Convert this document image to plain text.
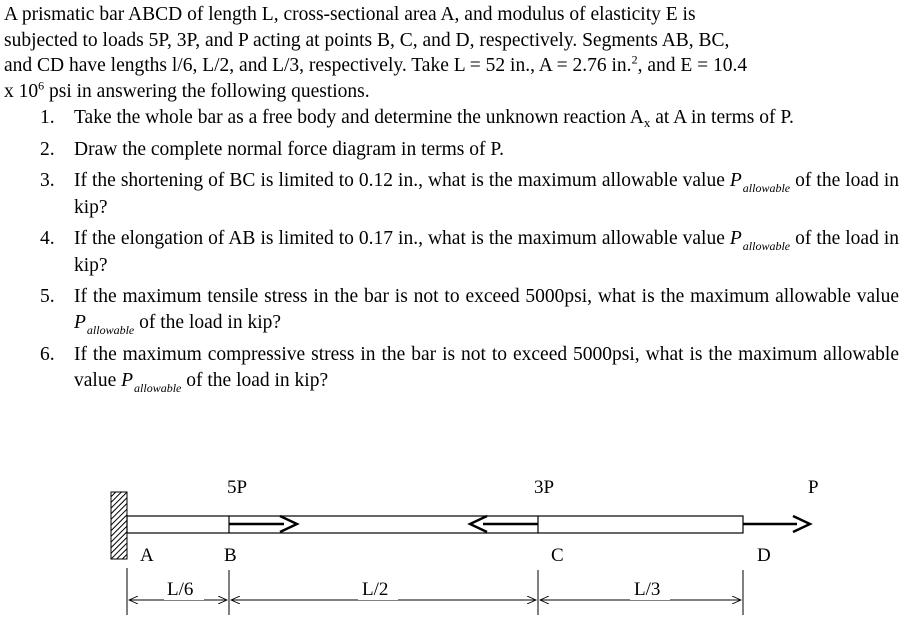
A prismatic bar ABCD of length L, cross-sectional area A, and modulus of elasticity E is
subjected to loads 5P, 3P, and P acting at points B, C, and D, respectively. Segments AB, BC,
and CD have lengths l/6, L/2, and L/3, respectively. Take L = 52 in., A = 2.76 in.$^2$, and E = 10.4
x $10^6$ psi in answering the following questions.
1. Take the whole bar as a free body and determine the unknown reaction $A_x$ at A in terms of P.
2. Draw the complete normal force diagram in terms of P.
3. If the shortening of BC is limited to 0.12 in., what is the maximum allowable value $P_{allowable}$ of the load in kip?
4. If the elongation of AB is limited to 0.17 in., what is the maximum allowable value $P_{allowable}$ of the load in kip?
5. If the maximum tensile stress in the bar is not to exceed 5000psi, what is the maximum allowable value $P_{allowable}$ of the load in kip?
6. If the maximum compressive stress in the bar is not to exceed 5000psi, what is the maximum allowable value $P_{allowable}$ of the load in kip?
5P	3P	P
A	B	C	D
L/6	L/2	L/3
